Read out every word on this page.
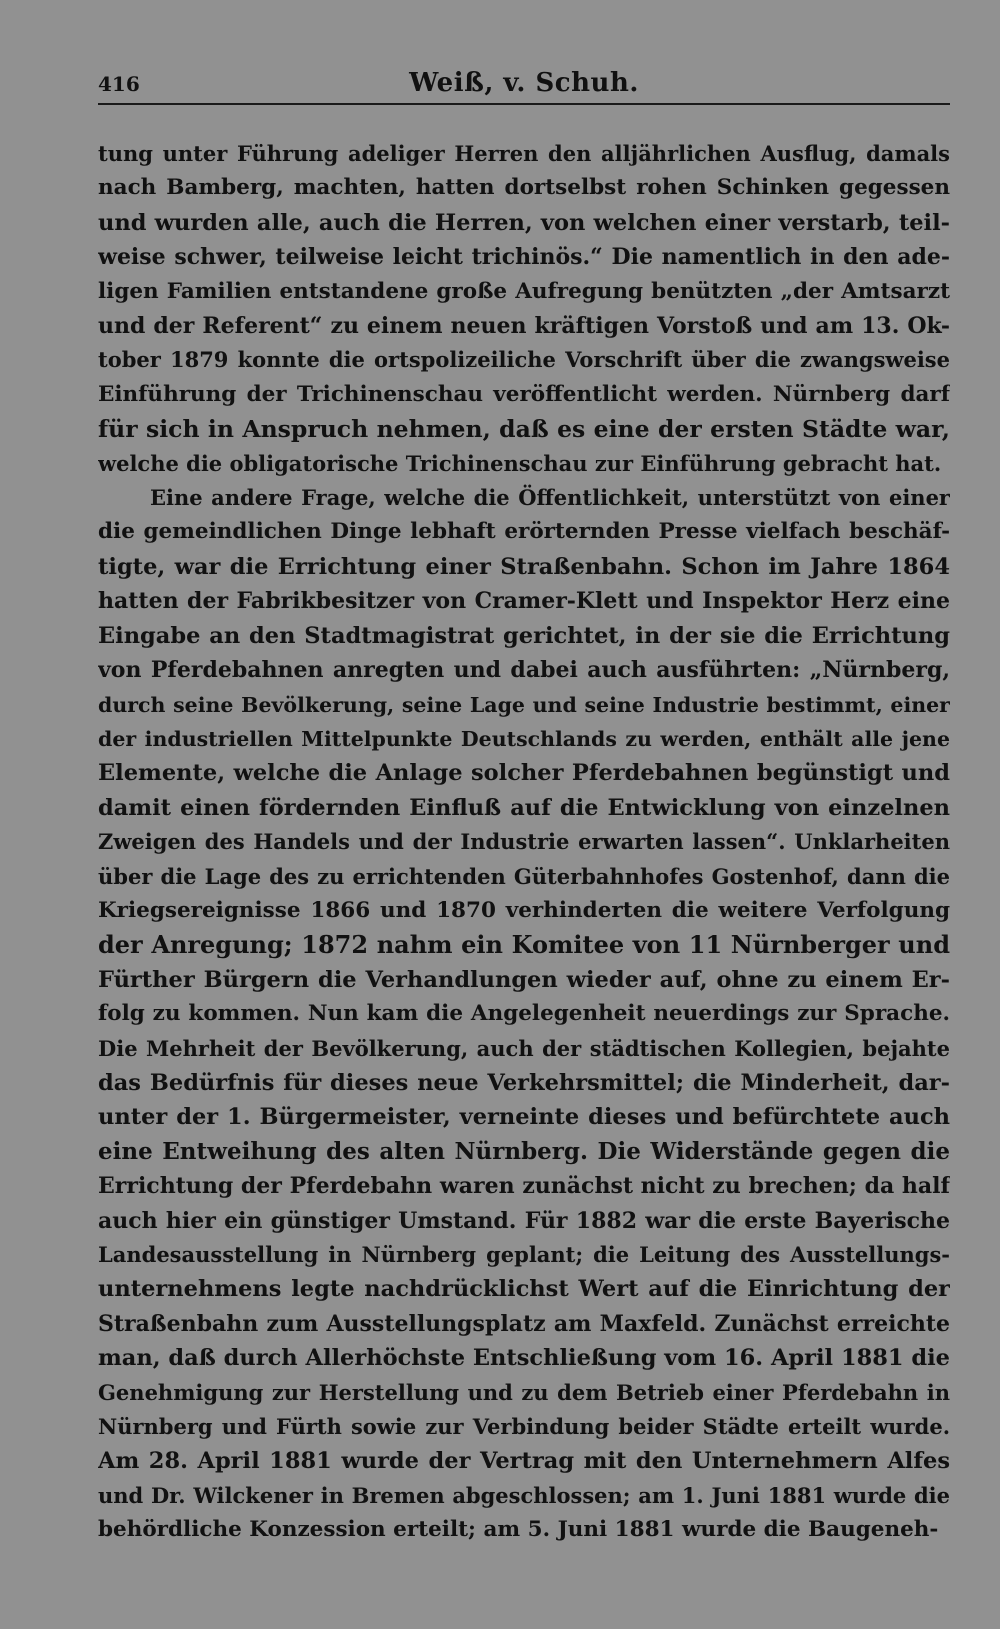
416	Weiß, v. Schuh.

tung unter Führung adeliger Herren den alljährlichen Ausflug, damals
nach Bamberg, machten, hatten dortselbst rohen Schinken gegessen
und wurden alle, auch die Herren, von welchen einer verstarb, teil-
weise schwer, teilweise leicht trichinös.“ Die namentlich in den ade-
ligen Familien entstandene große Aufregung benützten „der Amtsarzt
und der Referent“ zu einem neuen kräftigen Vorstoß und am 13. Ok-
tober 1879 konnte die ortspolizeiliche Vorschrift über die zwangsweise
Einführung der Trichinenschau veröffentlicht werden. Nürnberg darf
für sich in Anspruch nehmen, daß es eine der ersten Städte war,
welche die obligatorische Trichinenschau zur Einführung gebracht hat.

Eine andere Frage, welche die Öffentlichkeit, unterstützt von einer
die gemeindlichen Dinge lebhaft erörternden Presse vielfach beschäf-
tigte, war die Errichtung einer Straßenbahn. Schon im Jahre 1864
hatten der Fabrikbesitzer von Cramer-Klett und Inspektor Herz eine
Eingabe an den Stadtmagistrat gerichtet, in der sie die Errichtung
von Pferdebahnen anregten und dabei auch ausführten: „Nürnberg,
durch seine Bevölkerung, seine Lage und seine Industrie bestimmt, einer
der industriellen Mittelpunkte Deutschlands zu werden, enthält alle jene
Elemente, welche die Anlage solcher Pferdebahnen begünstigt und
damit einen fördernden Einfluß auf die Entwicklung von einzelnen
Zweigen des Handels und der Industrie erwarten lassen“. Unklarheiten
über die Lage des zu errichtenden Güterbahnhofes Gostenhof, dann die
Kriegsereignisse 1866 und 1870 verhinderten die weitere Verfolgung
der Anregung; 1872 nahm ein Komitee von 11 Nürnberger und
Fürther Bürgern die Verhandlungen wieder auf, ohne zu einem Er-
folg zu kommen. Nun kam die Angelegenheit neuerdings zur Sprache.
Die Mehrheit der Bevölkerung, auch der städtischen Kollegien, bejahte
das Bedürfnis für dieses neue Verkehrsmittel; die Minderheit, dar-
unter der 1. Bürgermeister, verneinte dieses und befürchtete auch
eine Entweihung des alten Nürnberg. Die Widerstände gegen die
Errichtung der Pferdebahn waren zunächst nicht zu brechen; da half
auch hier ein günstiger Umstand. Für 1882 war die erste Bayerische
Landesausstellung in Nürnberg geplant; die Leitung des Ausstellungs-
unternehmens legte nachdrücklichst Wert auf die Einrichtung der
Straßenbahn zum Ausstellungsplatz am Maxfeld. Zunächst erreichte
man, daß durch Allerhöchste Entschließung vom 16. April 1881 die
Genehmigung zur Herstellung und zu dem Betrieb einer Pferdebahn in
Nürnberg und Fürth sowie zur Verbindung beider Städte erteilt wurde.
Am 28. April 1881 wurde der Vertrag mit den Unternehmern Alfes
und Dr. Wilckener in Bremen abgeschlossen; am 1. Juni 1881 wurde die
behördliche Konzession erteilt; am 5. Juni 1881 wurde die Baugeneh-
